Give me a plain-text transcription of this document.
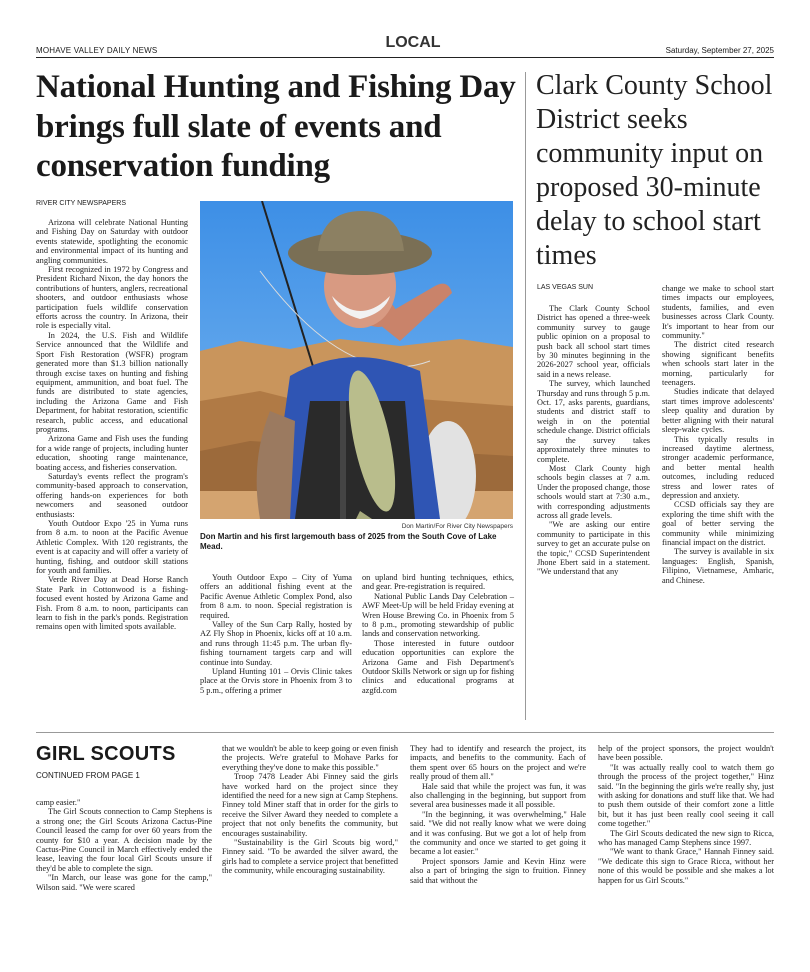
MOHAVE VALLEY DAILY NEWS	LOCAL	Saturday, September 27, 2025
National Hunting and Fishing Day brings full slate of events and conservation funding
RIVER CITY NEWSPAPERS

Arizona will celebrate National Hunting and Fishing Day on Saturday with outdoor events statewide, spotlighting the economic and environmental impact of its hunting and angling communities.

First recognized in 1972 by Congress and President Richard Nixon, the day honors the contributions of hunters, anglers, recreational shooters, and outdoor enthusiasts whose participation fuels wildlife conservation efforts across the country. In Arizona, their role is especially vital.

In 2024, the U.S. Fish and Wildlife Service announced that the Wildlife and Sport Fish Restoration (WSFR) program generated more than $1.3 billion nationally through excise taxes on hunting and fishing equipment, ammunition, and boat fuel. The funds are distributed to state agencies, including the Arizona Game and Fish Department, for habitat restoration, scientific research, public access, and educational programs.

Arizona Game and Fish uses the funding for a wide range of projects, including hunter education, shooting range maintenance, boating access, and fisheries conservation.

Saturday's events reflect the program's community-based approach to conservation, offering hands-on experiences for both newcomers and seasoned outdoor enthusiasts:

Youth Outdoor Expo '25 in Yuma runs from 8 a.m. to noon at the Pacific Avenue Athletic Complex. With 120 registrants, the event is at capacity and will offer a variety of hunting, fishing, and outdoor skill stations for youth and families.

Verde River Day at Dead Horse Ranch State Park in Cottonwood is a fishing-focused event hosted by Arizona Game and Fish. From 8 a.m. to noon, participants can learn to fish in the park's ponds. Registration remains open with limited spots available.

Don Martin/For River City Newspapers
Don Martin and his first largemouth bass of 2025 from the South Cove of Lake Mead.

Youth Outdoor Expo – City of Yuma offers an additional fishing event at the Pacific Avenue Athletic Complex Pond, also from 8 a.m. to noon. Special registration is required.

Valley of the Sun Carp Rally, hosted by AZ Fly Shop in Phoenix, kicks off at 10 a.m. and runs through 11:45 p.m. The urban fly-fishing tournament targets carp and will continue into Sunday.

Upland Hunting 101 – Orvis Clinic takes place at the Orvis store in Phoenix from 3 to 5 p.m., offering a primer

on upland bird hunting techniques, ethics, and gear. Pre-registration is required.

National Public Lands Day Celebration – AWF Meet-Up will be held Friday evening at Wren House Brewing Co. in Phoenix from 5 to 8 p.m., promoting stewardship of public lands and conservation networking.

Those interested in future outdoor education opportunities can explore the Arizona Game and Fish Department's Outdoor Skills Network or sign up for fishing clinics and educational programs at azgfd.com

Clark County School District seeks community input on proposed 30-minute delay to school start times
LAS VEGAS SUN

The Clark County School District has opened a three-week community survey to gauge public opinion on a proposal to push back all school start times by 30 minutes beginning in the 2026-2027 school year, officials said in a news release.

The survey, which launched Thursday and runs through 5 p.m. Oct. 17, asks parents, guardians, students and district staff to weigh in on the potential schedule change. District officials say the survey takes approximately three minutes to complete.

Most Clark County high schools begin classes at 7 a.m. Under the proposed change, those schools would start at 7:30 a.m., with corresponding adjustments across all grade levels.

"We are asking our entire community to participate in this survey to get an accurate pulse on the topic," CCSD Superintendent Jhone Ebert said in a statement. "We understand that any

change we make to school start times impacts our employees, students, families, and even businesses across Clark County. It's important to hear from our community."

The district cited research showing significant benefits when schools start later in the morning, particularly for teenagers.

Studies indicate that delayed start times improve adolescents' sleep quality and duration by better aligning with their natural sleep-wake cycles.

This typically results in increased daytime alertness, stronger academic performance, and better mental health outcomes, including reduced stress and lower rates of depression and anxiety.

CCSD officials say they are exploring the time shift with the goal of better serving the community while minimizing financial impact on the district.

The survey is available in six languages: English, Spanish, Filipino, Vietnamese, Amharic, and Chinese.

GIRL SCOUTS
CONTINUED FROM PAGE 1

camp easier."

The Girl Scouts connection to Camp Stephens is a strong one; the Girl Scouts Arizona Cactus-Pine Council leased the camp for over 60 years from the county for $10 a year. A decision made by the Cactus-Pine Council in March effectively ended the lease, leaving the four local Girl Scouts unsure if they'd be able to complete the sign.

"In March, our lease was gone for the camp," Wilson said. "We were scared

that we wouldn't be able to keep going or even finish the projects. We're grateful to Mohave Parks for everything they've done to make this possible."

Troop 7478 Leader Abi Finney said the girls have worked hard on the project since they identified the need for a new sign at Camp Stephens. Finney told Miner staff that in order for the girls to receive the Silver Award they needed to complete a project that not only benefits the community, but encourages sustainability.

"Sustainability is the Girl Scouts big word," Finney said. "To be awarded the silver award, the girls had to complete a service project that benefitted the community, while encouraging sustainability.

They had to identify and research the project, its impacts, and benefits to the community. Each of them spent over 65 hours on the project and we're really proud of them all."

Hale said that while the project was fun, it was also challenging in the beginning, but support from several area businesses made it all possible.

"In the beginning, it was overwhelming," Hale said. "We did not really know what we were doing and it was confusing. But we got a lot of help from the community and once we started to get going it became a lot easier."

Project sponsors Jamie and Kevin Hinz were also a part of bringing the sign to fruition. Finney said that without the

help of the project sponsors, the project wouldn't have been possible.

"It was actually really cool to watch them go through the process of the project together," Hinz said. "In the beginning the girls we're really shy, just with asking for donations and stuff like that. We had to push them outside of their comfort zone a little bit, but it has just been really cool seeing it call come together."

The Girl Scouts dedicated the new sign to Ricca, who has managed Camp Stephens since 1997.

"We want to thank Grace," Hannah Finney said. "We dedicate this sign to Grace Ricca, without her none of this would be possible and she makes a lot happen for us Girl Scouts."
